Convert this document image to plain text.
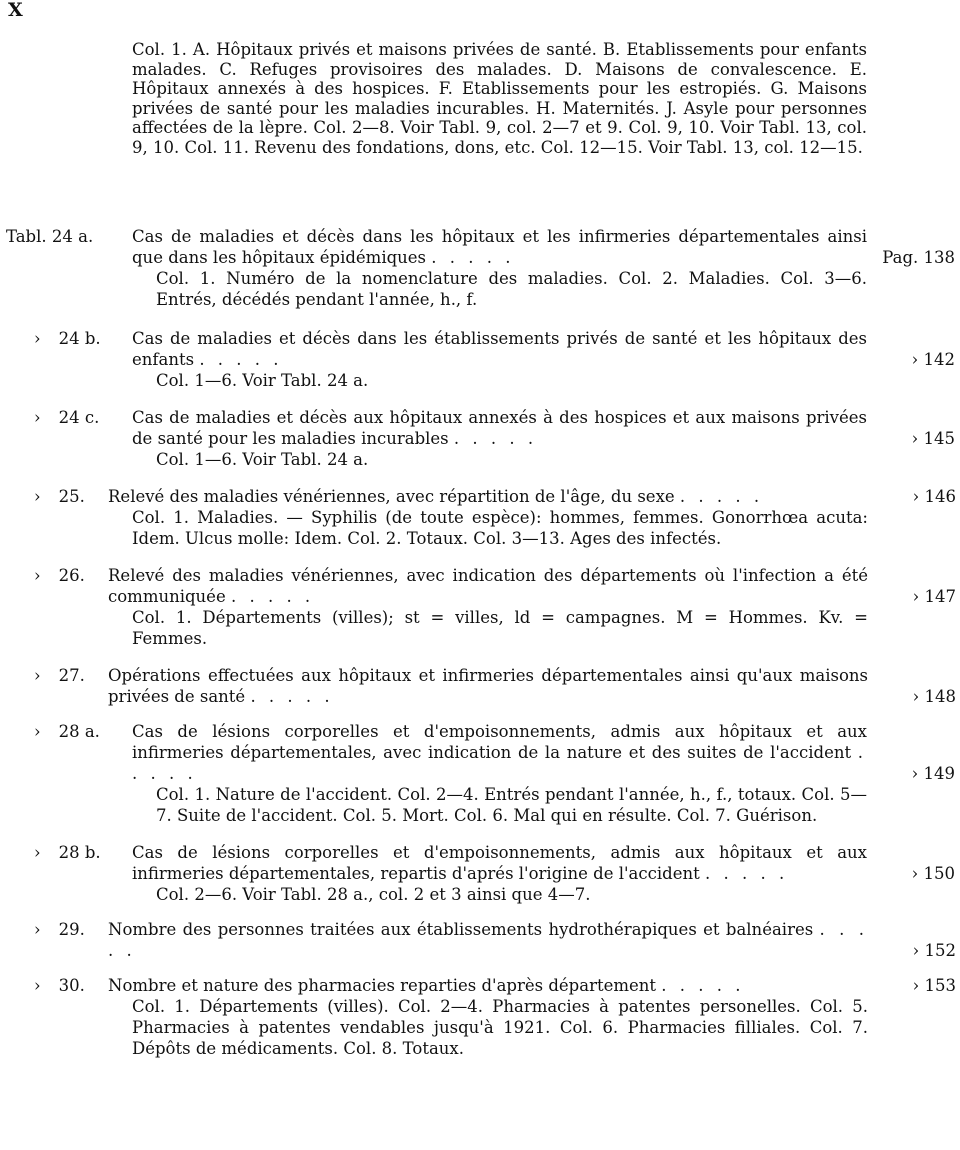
X
Col. 1. A. Hôpitaux privés et maisons privées de santé. B. Etablissements pour enfants malades. C. Refuges provisoires des malades. D. Maisons de convalescence. E. Hôpitaux annexés à des hospices. F. Etablissements pour les estropiés. G. Maisons privées de santé pour les maladies incurables. H. Maternités. J. Asyle pour personnes affectées de la lèpre. Col. 2—8. Voir Tabl. 9, col. 2—7 et 9. Col. 9, 10. Voir Tabl. 13, col. 9, 10. Col. 11. Revenu des fondations, dons, etc. Col. 12—15. Voir Tabl. 13, col. 12—15.
Tabl. 24 a. Cas de maladies et décès dans les hôpitaux et les infirmeries départementales ainsi que dans les hôpitaux épidémiques . . . . .	Pag. 138
Col. 1. Numéro de la nomenclature des maladies. Col. 2. Maladies. Col. 3—6. Entrés, décédés pendant l'année, h., f.
› 24 b. Cas de maladies et décès dans les établissements privés de santé et les hôpitaux des enfants . . . . .	› 142
Col. 1—6. Voir Tabl. 24 a.
› 24 c. Cas de maladies et décès aux hôpitaux annexés à des hospices et aux maisons privées de santé pour les maladies incurables . . . . .	› 145
Col. 1—6. Voir Tabl. 24 a.
› 25. Relevé des maladies vénériennes, avec répartition de l'âge, du sexe . . . . .	› 146
Col. 1. Maladies. — Syphilis (de toute espèce): hommes, femmes. Gonorrhœa acuta: Idem. Ulcus molle: Idem. Col. 2. Totaux. Col. 3—13. Ages des infectés.
› 26. Relevé des maladies vénériennes, avec indication des départements où l'infection a été communiquée . . . . .	› 147
Col. 1. Départements (villes); st = villes, ld = campagnes. M = Hommes. Kv. = Femmes.
› 27. Opérations effectuées aux hôpitaux et infirmeries départementales ainsi qu'aux maisons privées de santé . . . . .	› 148
› 28 a. Cas de lésions corporelles et d'empoisonnements, admis aux hôpitaux et aux infirmeries départementales, avec indication de la nature et des suites de l'accident . . . . .	› 149
Col. 1. Nature de l'accident. Col. 2—4. Entrés pendant l'année, h., f., totaux. Col. 5—7. Suite de l'accident. Col. 5. Mort. Col. 6. Mal qui en résulte. Col. 7. Guérison.
› 28 b. Cas de lésions corporelles et d'empoisonnements, admis aux hôpitaux et aux infirmeries départementales, repartis d'aprés l'origine de l'accident . . . . .	› 150
Col. 2—6. Voir Tabl. 28 a., col. 2 et 3 ainsi que 4—7.
› 29. Nombre des personnes traitées aux établissements hydrothérapiques et balnéaires . . . . .	› 152
› 30. Nombre et nature des pharmacies reparties d'après département . . . . .	› 153
Col. 1. Départements (villes). Col. 2—4. Pharmacies à patentes personelles. Col. 5. Pharmacies à patentes vendables jusqu'à 1921. Col. 6. Pharmacies filliales. Col. 7. Dépôts de médicaments. Col. 8. Totaux.
